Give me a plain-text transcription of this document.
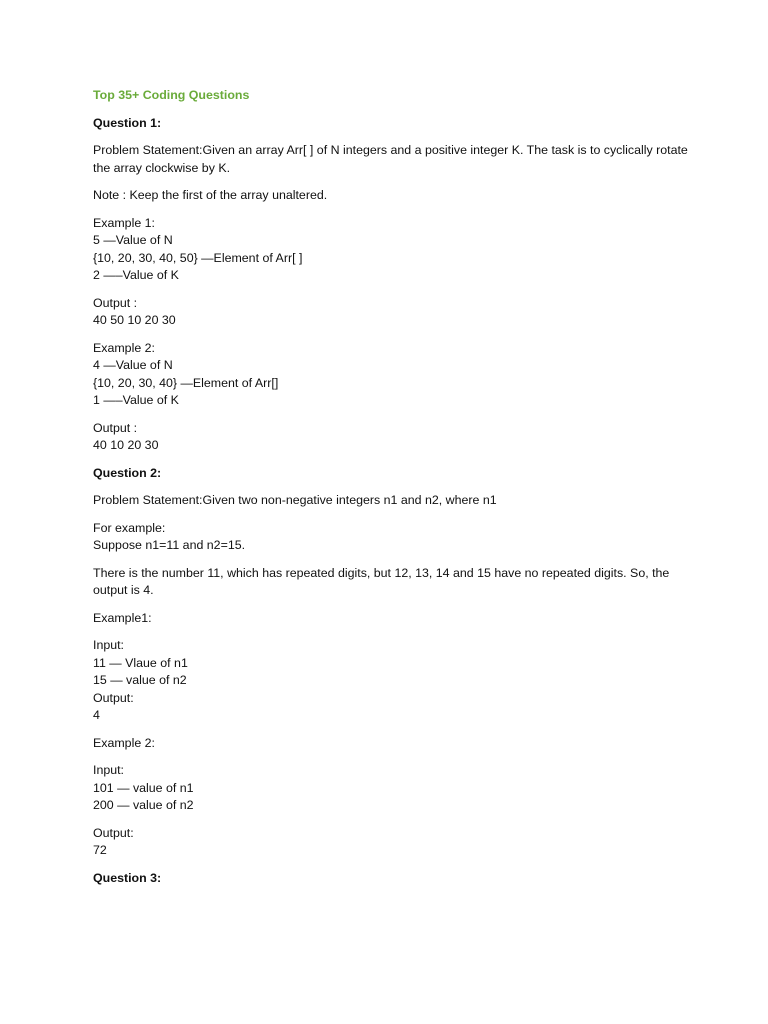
Top 35+ Coding Questions
Question 1:
Problem Statement:Given an array Arr[ ] of N integers and a positive integer K. The task is to cyclically rotate the array clockwise by K.
Note : Keep the first of the array unaltered.
Example 1:
5 —Value of N
{10, 20, 30, 40, 50} —Element of Arr[ ]
2 —–Value of K
Output :
40 50 10 20 30
Example 2:
4 —Value of N
{10, 20, 30, 40} —Element of Arr[]
1 —–Value of K
Output :
40 10 20 30
Question 2:
Problem Statement:Given two non-negative integers n1 and n2, where n1
For example:
Suppose n1=11 and n2=15.
There is the number 11, which has repeated digits, but 12, 13, 14 and 15 have no repeated digits. So, the output is 4.
Example1:
Input:
11 — Vlaue of n1
15 — value of n2
Output:
4
Example 2:
Input:
101 — value of n1
200 — value of n2
Output:
72
Question 3:
